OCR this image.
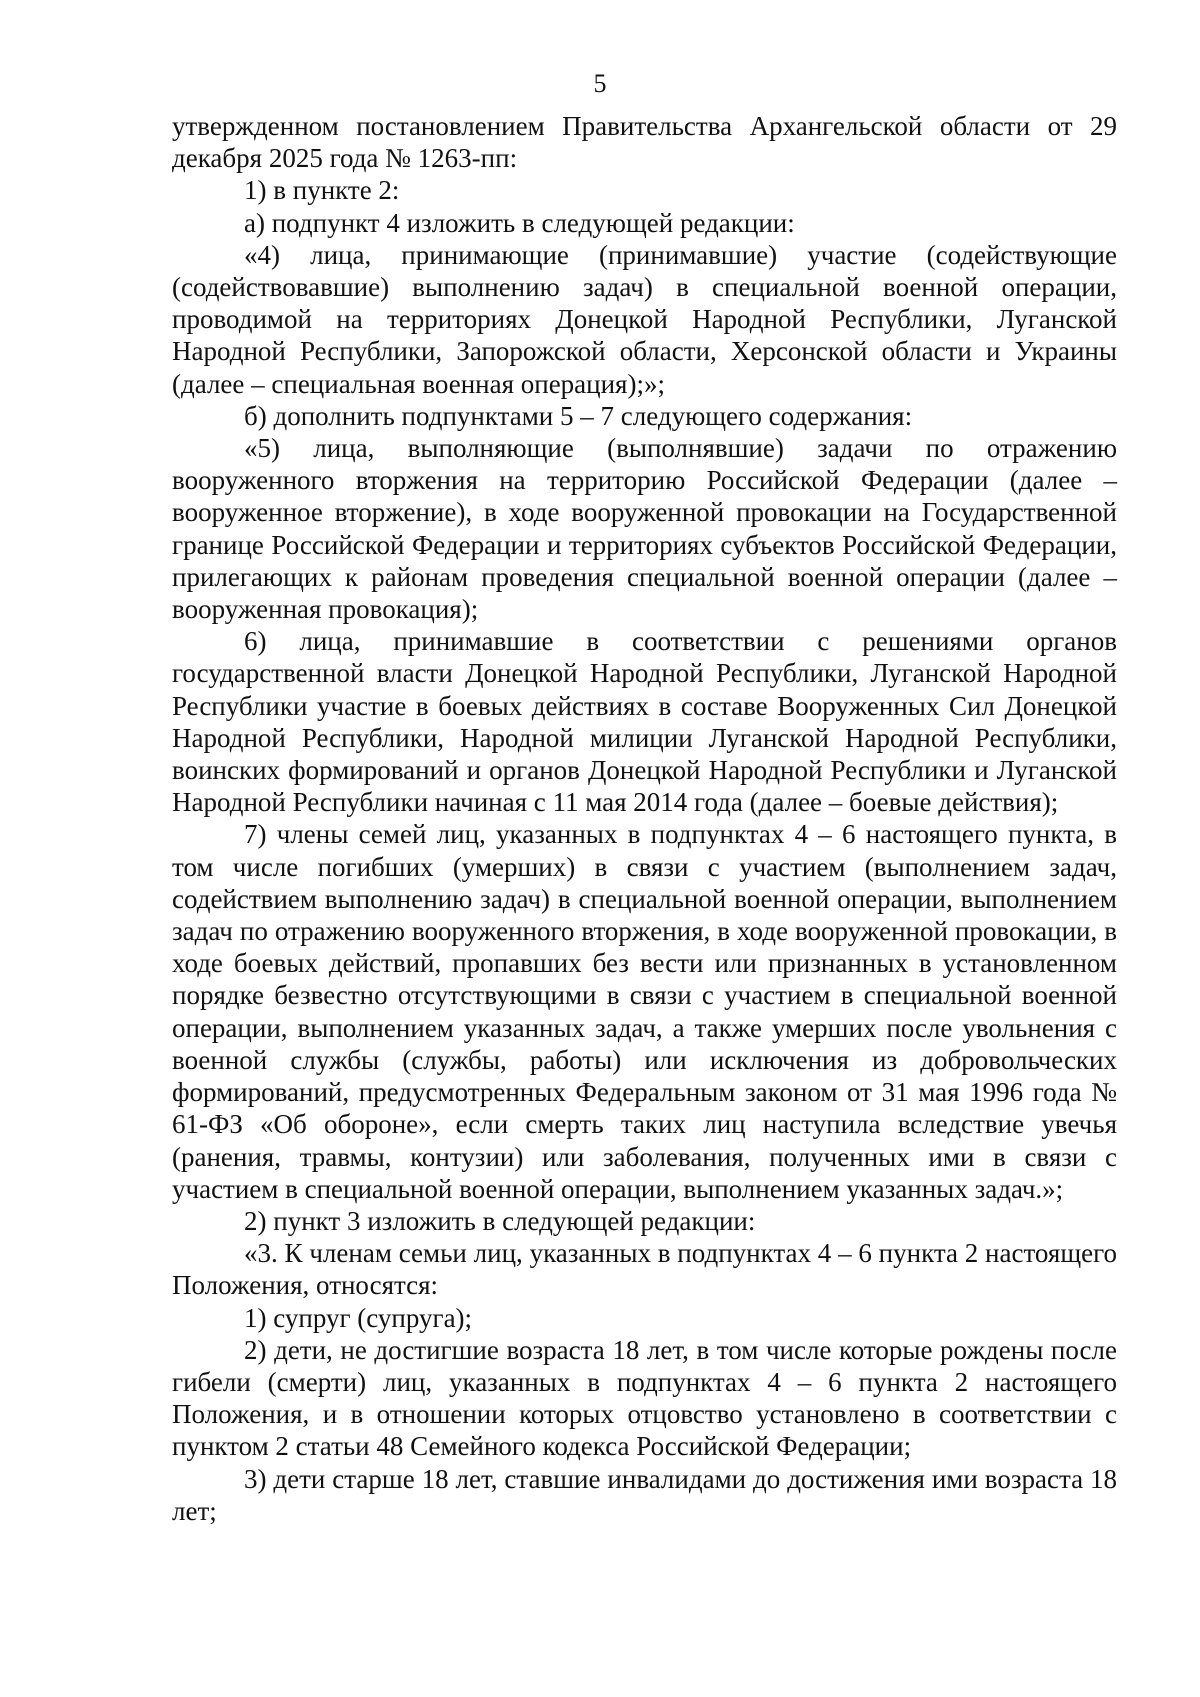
5

утвержденном постановлением Правительства Архангельской области от 29 декабря 2025 года № 1263-пп:

1) в пункте 2:

а) подпункт 4 изложить в следующей редакции:

«4) лица, принимающие (принимавшие) участие (содействующие (содействовавшие) выполнению задач) в специальной военной операции, проводимой на территориях Донецкой Народной Республики, Луганской Народной Республики, Запорожской области, Херсонской области и Украины (далее – специальная военная операция);»;

б) дополнить подпунктами 5 – 7 следующего содержания:

«5) лица, выполняющие (выполнявшие) задачи по отражению вооруженного вторжения на территорию Российской Федерации (далее – вооруженное вторжение), в ходе вооруженной провокации на Государственной границе Российской Федерации и территориях субъектов Российской Федерации, прилегающих к районам проведения специальной военной операции (далее – вооруженная провокация);

6) лица, принимавшие в соответствии с решениями органов государственной власти Донецкой Народной Республики, Луганской Народной Республики участие в боевых действиях в составе Вооруженных Сил Донецкой Народной Республики, Народной милиции Луганской Народной Республики, воинских формирований и органов Донецкой Народной Республики и Луганской Народной Республики начиная с 11 мая 2014 года (далее – боевые действия);

7) члены семей лиц, указанных в подпунктах 4 – 6 настоящего пункта, в том числе погибших (умерших) в связи с участием (выполнением задач, содействием выполнению задач) в специальной военной операции, выполнением задач по отражению вооруженного вторжения, в ходе вооруженной провокации, в ходе боевых действий, пропавших без вести или признанных в установленном порядке безвестно отсутствующими в связи с участием в специальной военной операции, выполнением указанных задач, а также умерших после увольнения с военной службы (службы, работы) или исключения из добровольческих формирований, предусмотренных Федеральным законом от 31 мая 1996 года № 61-ФЗ «Об обороне», если смерть таких лиц наступила вследствие увечья (ранения, травмы, контузии) или заболевания, полученных ими в связи с участием в специальной военной операции, выполнением указанных задач.»;

2) пункт 3 изложить в следующей редакции:

«3. К членам семьи лиц, указанных в подпунктах 4 – 6 пункта 2 настоящего Положения, относятся:

1) супруг (супруга);

2) дети, не достигшие возраста 18 лет, в том числе которые рождены после гибели (смерти) лиц, указанных в подпунктах 4 – 6 пункта 2 настоящего Положения, и в отношении которых отцовство установлено в соответствии с пунктом 2 статьи 48 Семейного кодекса Российской Федерации;

3) дети старше 18 лет, ставшие инвалидами до достижения ими возраста 18 лет;
